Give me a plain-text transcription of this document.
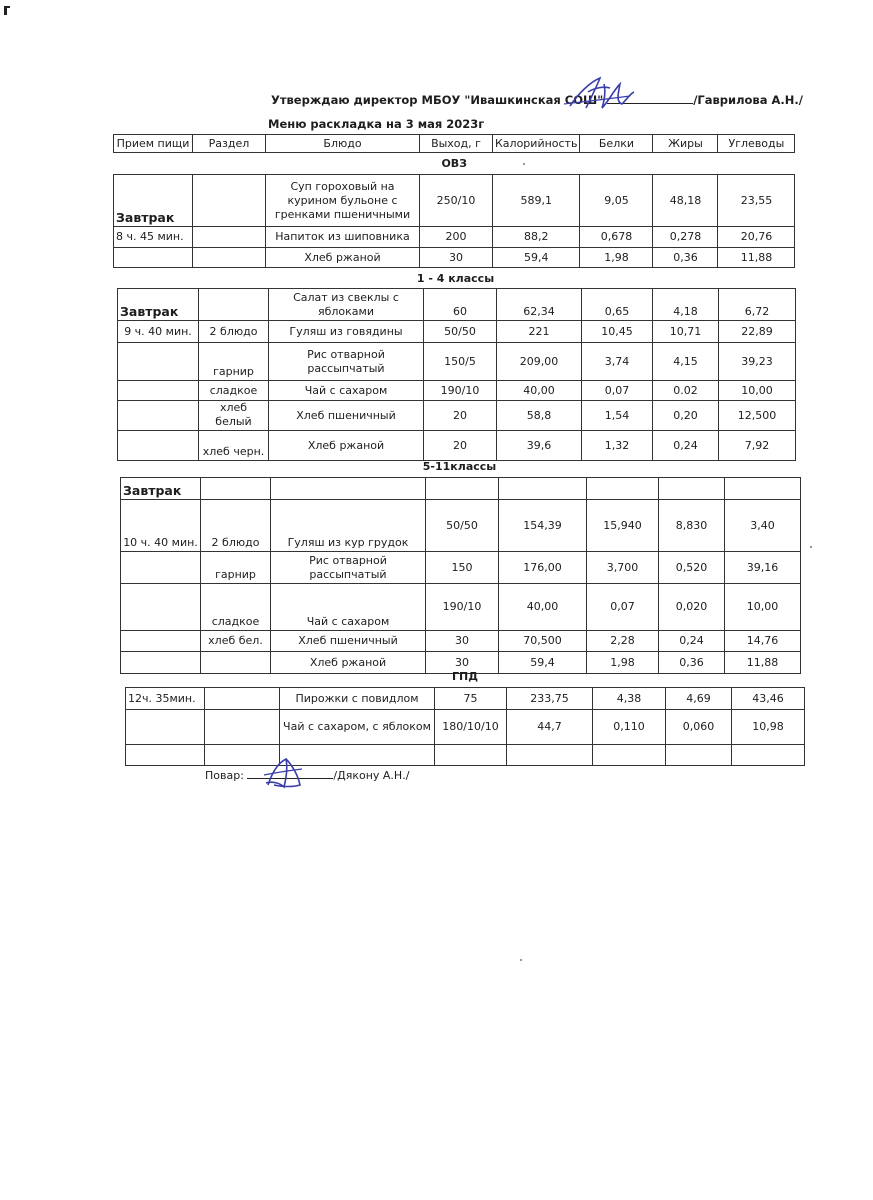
Утверждаю директор МБОУ "Ивашкинская СОШ"	/Гаврилова А.Н./
Меню раскладка на 3 мая 2023г
Прием пищи	Раздел	Блюдо	Выход, г	Калорийность	Белки	Жиры	Углеводы
ОВЗ							
Завтрак		Суп гороховый на курином бульоне с гренками пшеничными	250/10	589,1	9,05	48,18	23,55
8 ч. 45 мин.		Напиток из шиповника	200	88,2	0,678	0,278	20,76
		Хлеб ржаной	30	59,4	1,98	0,36	11,88
1 - 4 классы
Завтрак		Салат из свеклы с яблоками	60	62,34	0,65	4,18	6,72
9 ч. 40 мин.	2 блюдо	Гуляш из говядины	50/50	221	10,45	10,71	22,89
	гарнир	Рис отварной рассыпчатый	150/5	209,00	3,74	4,15	39,23
	сладкое	Чай с сахаром	190/10	40,00	0,07	0.02	10,00
	хлеб белый	Хлеб пшеничный	20	58,8	1,54	0,20	12,500
	хлеб черн.	Хлеб ржаной	20	39,6	1,32	0,24	7,92
5-11классы
Завтрак							
10 ч. 40 мин.	2 блюдо	Гуляш из кур грудок	50/50	154,39	15,940	8,830	3,40
	гарнир	Рис отварной рассыпчатый	150	176,00	3,700	0,520	39,16
	сладкое	Чай с сахаром	190/10	40,00	0,07	0,020	10,00
	хлеб бел.	Хлеб пшеничный	30	70,500	2,28	0,24	14,76
		Хлеб ржаной	30	59,4	1,98	0,36	11,88
ГПД
12ч. 35мин.		Пирожки с повидлом	75	233,75	4,38	4,69	43,46
		Чай с сахаром, с яблоком	180/10/10	44,7	0,110	0,060	10,98

Повар:	/Дякону А.Н./
